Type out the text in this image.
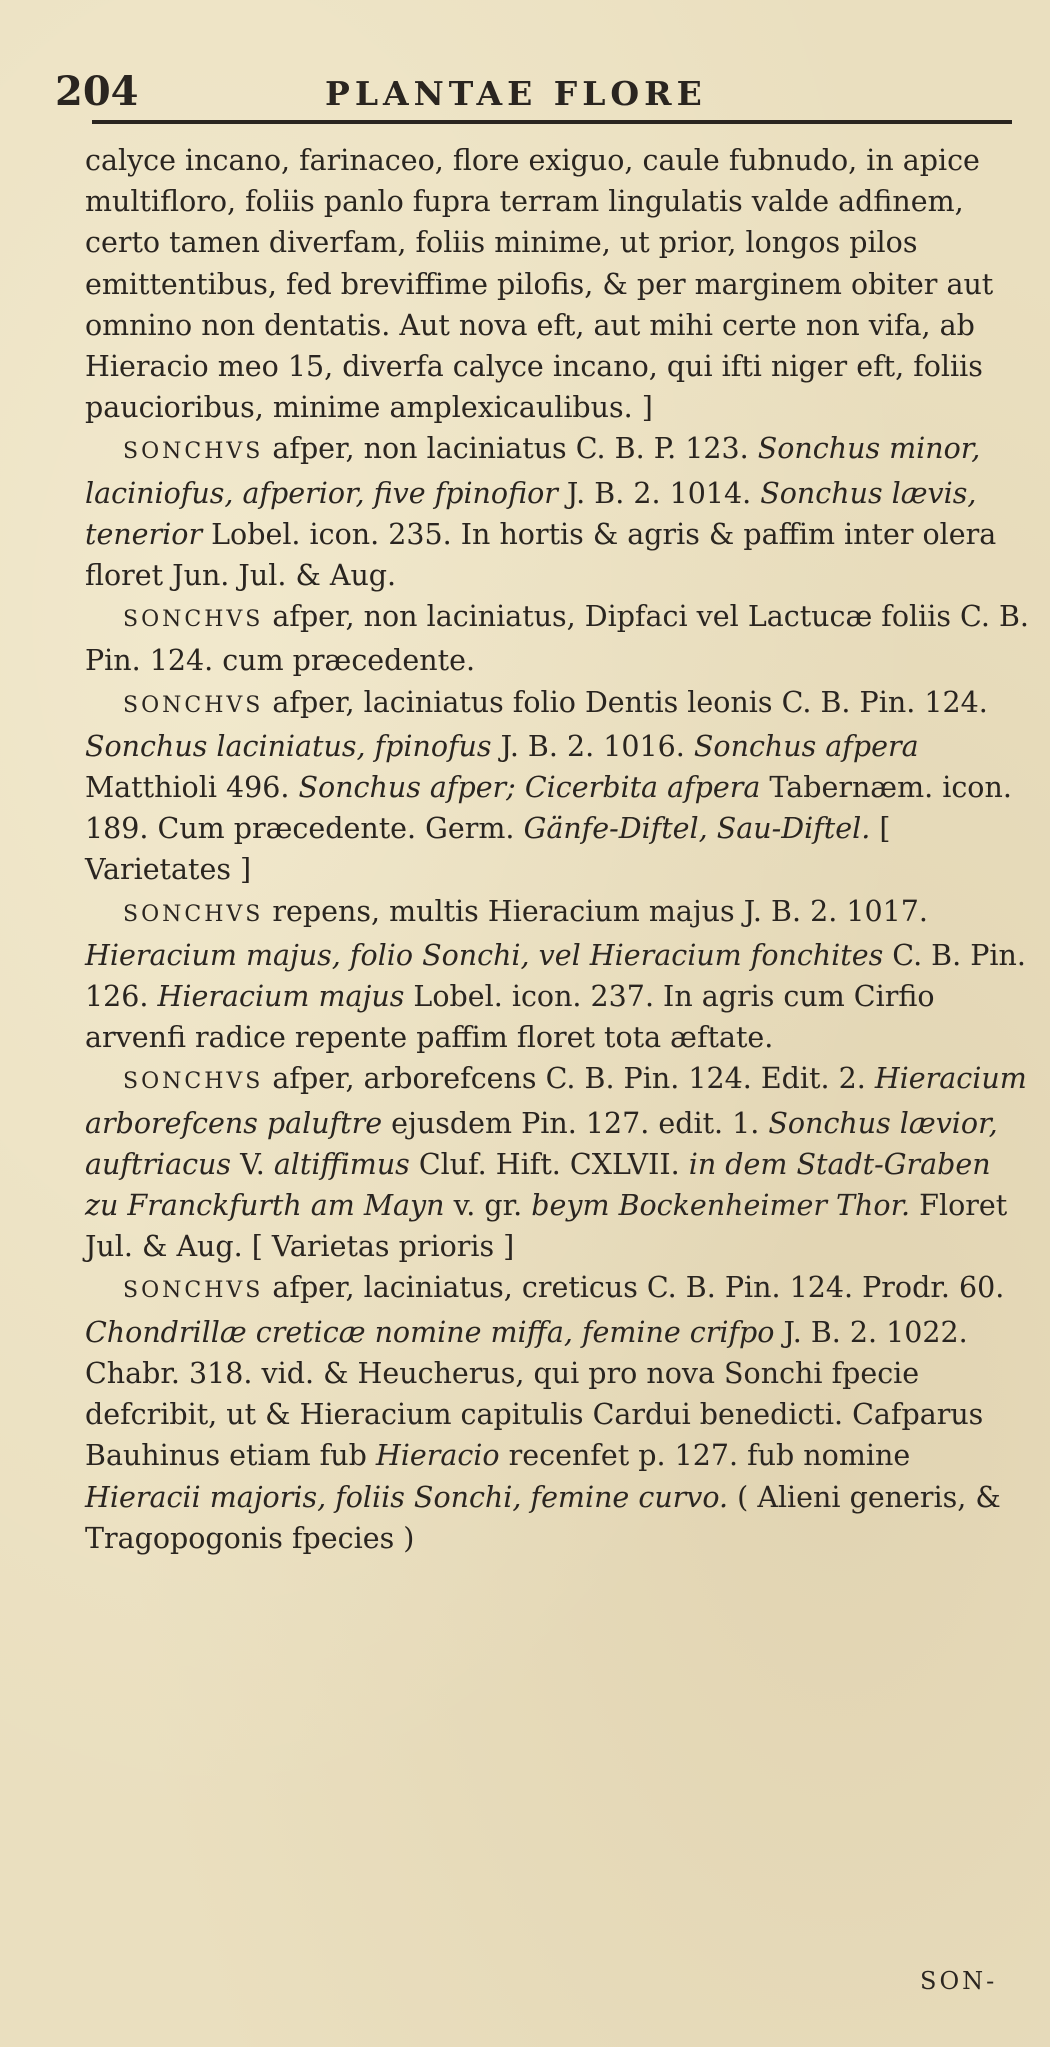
204	PLANTAE FLORE

calyce incano, farinaceo, flore exiguo, caule fubnudo, in apice multifloro, foliis panlo fupra terram lingulatis valde adfinem, certo tamen diverfam, foliis minime, ut prior, longos pilos emittentibus, fed breviffime pilofis, & per marginem obiter aut omnino non dentatis. Aut nova eft, aut mihi certe non vifa, ab Hieracio meo 15, diverfa calyce incano, qui ifti niger eft, foliis paucioribus, minime amplexicaulibus. ]

SONCHVS afper, non laciniatus C. B. P. 123. Sonchus minor, laciniofus, afperior, five fpinofior J. B. 2. 1014. Sonchus lævis, tenerior Lobel. icon. 235. In hortis & agris & paffim inter olera floret Jun. Jul. & Aug.

SONCHVS afper, non laciniatus, Dipfaci vel Lactucæ foliis C. B. Pin. 124. cum præcedente.

SONCHVS afper, laciniatus folio Dentis leonis C. B. Pin. 124. Sonchus laciniatus, fpinofus J. B. 2. 1016. Sonchus afpera Matthioli 496. Sonchus afper; Cicerbita afpera Tabernæm. icon. 189. Cum præcedente. Germ. Gänfe-Diftel, Sau-Diftel. [ Varietates ]

SONCHVS repens, multis Hieracium majus J. B. 2. 1017. Hieracium majus, folio Sonchi, vel Hieracium fonchites C. B. Pin. 126. Hieracium majus Lobel. icon. 237. In agris cum Cirfio arvenfi radice repente paffim floret tota æftate.

SONCHVS afper, arborefcens C. B. Pin. 124. Edit. 2. Hieracium arborefcens paluftre ejusdem Pin. 127. edit. 1. Sonchus lævior, auftriacus V. altiffimus Cluf. Hift. CXLVII. in dem Stadt-Graben zu Franckfurth am Mayn v. gr. beym Bockenheimer Thor. Floret Jul. & Aug. [ Varietas prioris ]

SONCHVS afper, laciniatus, creticus C. B. Pin. 124. Prodr. 60. Chondrillæ creticæ nomine miffa, femine crifpo J. B. 2. 1022. Chabr. 318. vid. & Heucherus, qui pro nova Sonchi fpecie defcribit, ut & Hieracium capitulis Cardui benedicti. Cafparus Bauhinus etiam fub Hieracio recenfet p. 127. fub nomine Hieracii majoris, foliis Sonchi, femine curvo. ( Alieni generis, & Tragopogonis fpecies )

SON-
